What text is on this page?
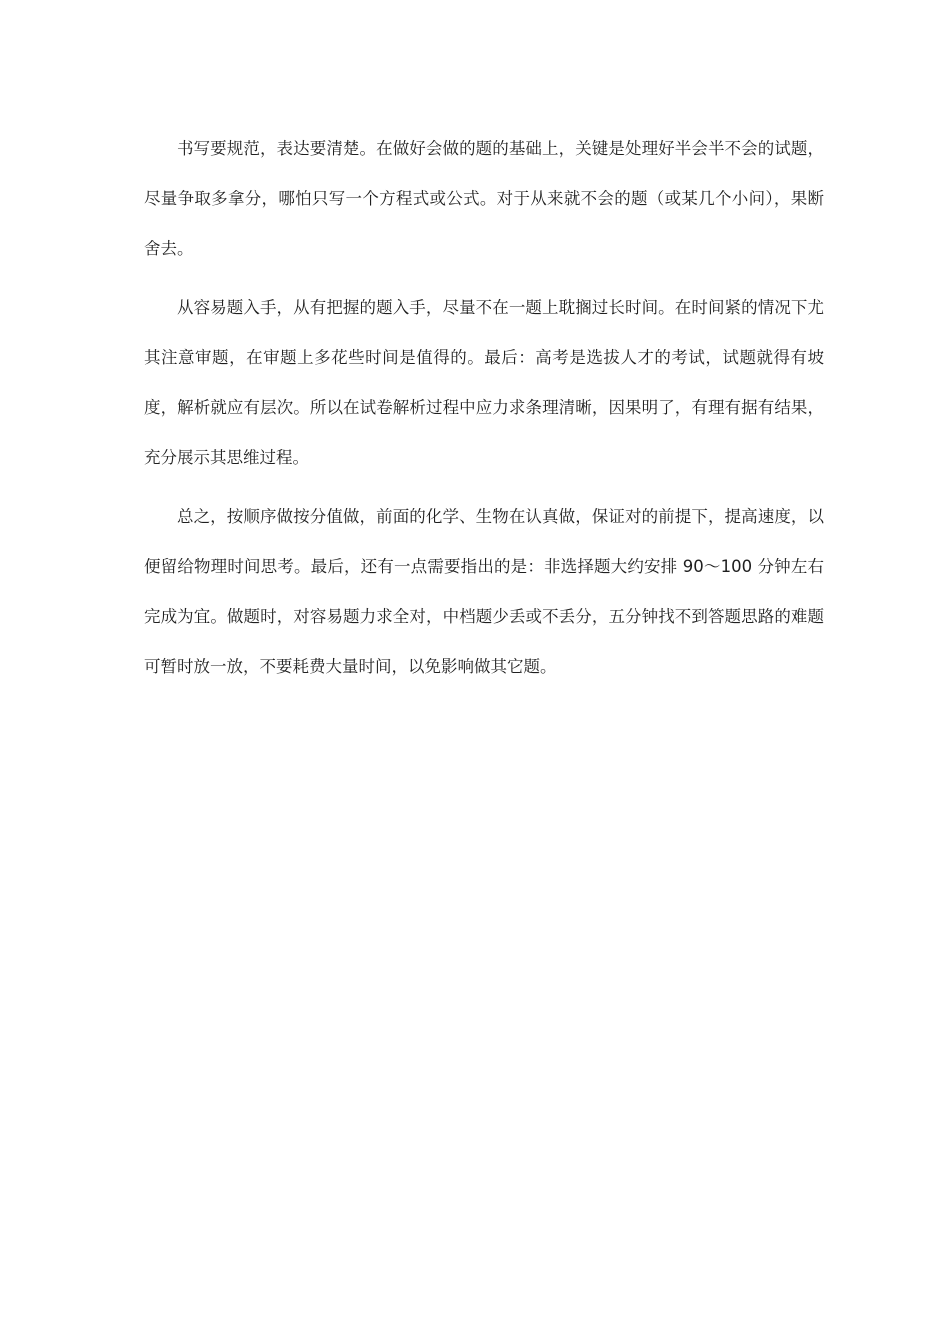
书写要规范，表达要清楚。在做好会做的题的基础上，关键是处理好半会半不会的试题，尽量争取多拿分，哪怕只写一个方程式或公式。对于从来就不会的题（或某几个小问），果断舍去。

从容易题入手，从有把握的题入手，尽量不在一题上耽搁过长时间。在时间紧的情况下尤其注意审题，在审题上多花些时间是值得的。最后：高考是选拔人才的考试，试题就得有坡度，解析就应有层次。所以在试卷解析过程中应力求条理清晰，因果明了，有理有据有结果，充分展示其思维过程。

总之，按顺序做按分值做，前面的化学、生物在认真做，保证对的前提下，提高速度，以便留给物理时间思考。最后，还有一点需要指出的是：非选择题大约安排 90～100 分钟左右完成为宜。做题时，对容易题力求全对，中档题少丢或不丢分，五分钟找不到答题思路的难题可暂时放一放，不要耗费大量时间，以免影响做其它题。
